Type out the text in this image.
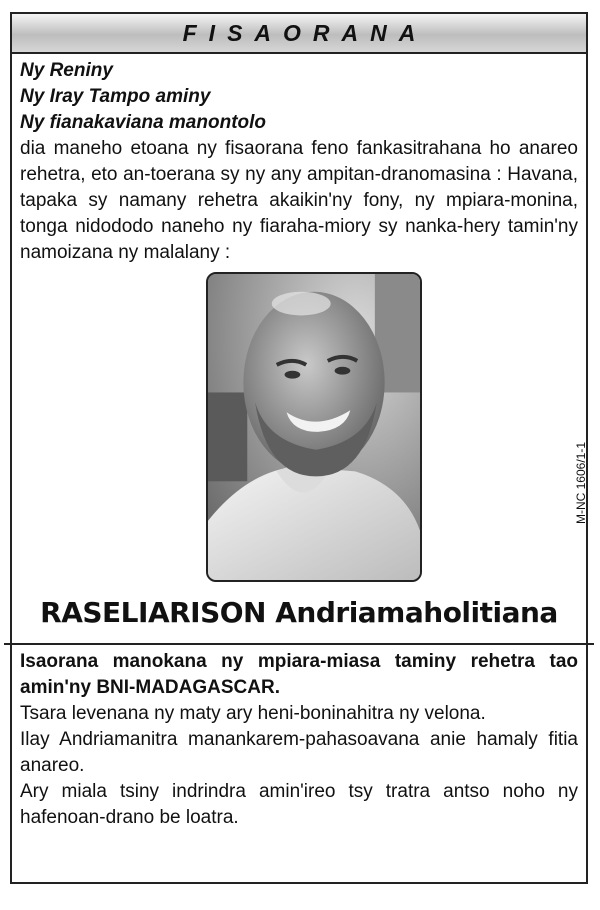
FISAORANA

Ny Reniny

Ny Iray Tampo aminy

Ny fianakaviana manontolo

dia maneho etoana ny fisaorana feno fankasitrahana ho anareo rehetra, eto an-toerana sy ny any ampitan-dranomasina : Havana, tapaka sy namany rehetra akaikin'ny fony, ny mpiara-monina, tonga nidododo naneho ny fiaraha-miory sy nanka-hery tamin'ny namoizana ny malalany :

M-NC 1606/1-1
RASELIARISON Andriamaholitiana

Isaorana manokana ny mpiara-miasa taminy rehetra tao amin'ny BNI-MADAGASCAR.

Tsara levenana ny maty ary heni-boninahitra ny velona.

Ilay Andriamanitra manankarem-pahasoavana anie hamaly fitia anareo.

Ary miala tsiny indrindra amin'ireo tsy tratra antso noho ny hafenoan-drano be loatra.
